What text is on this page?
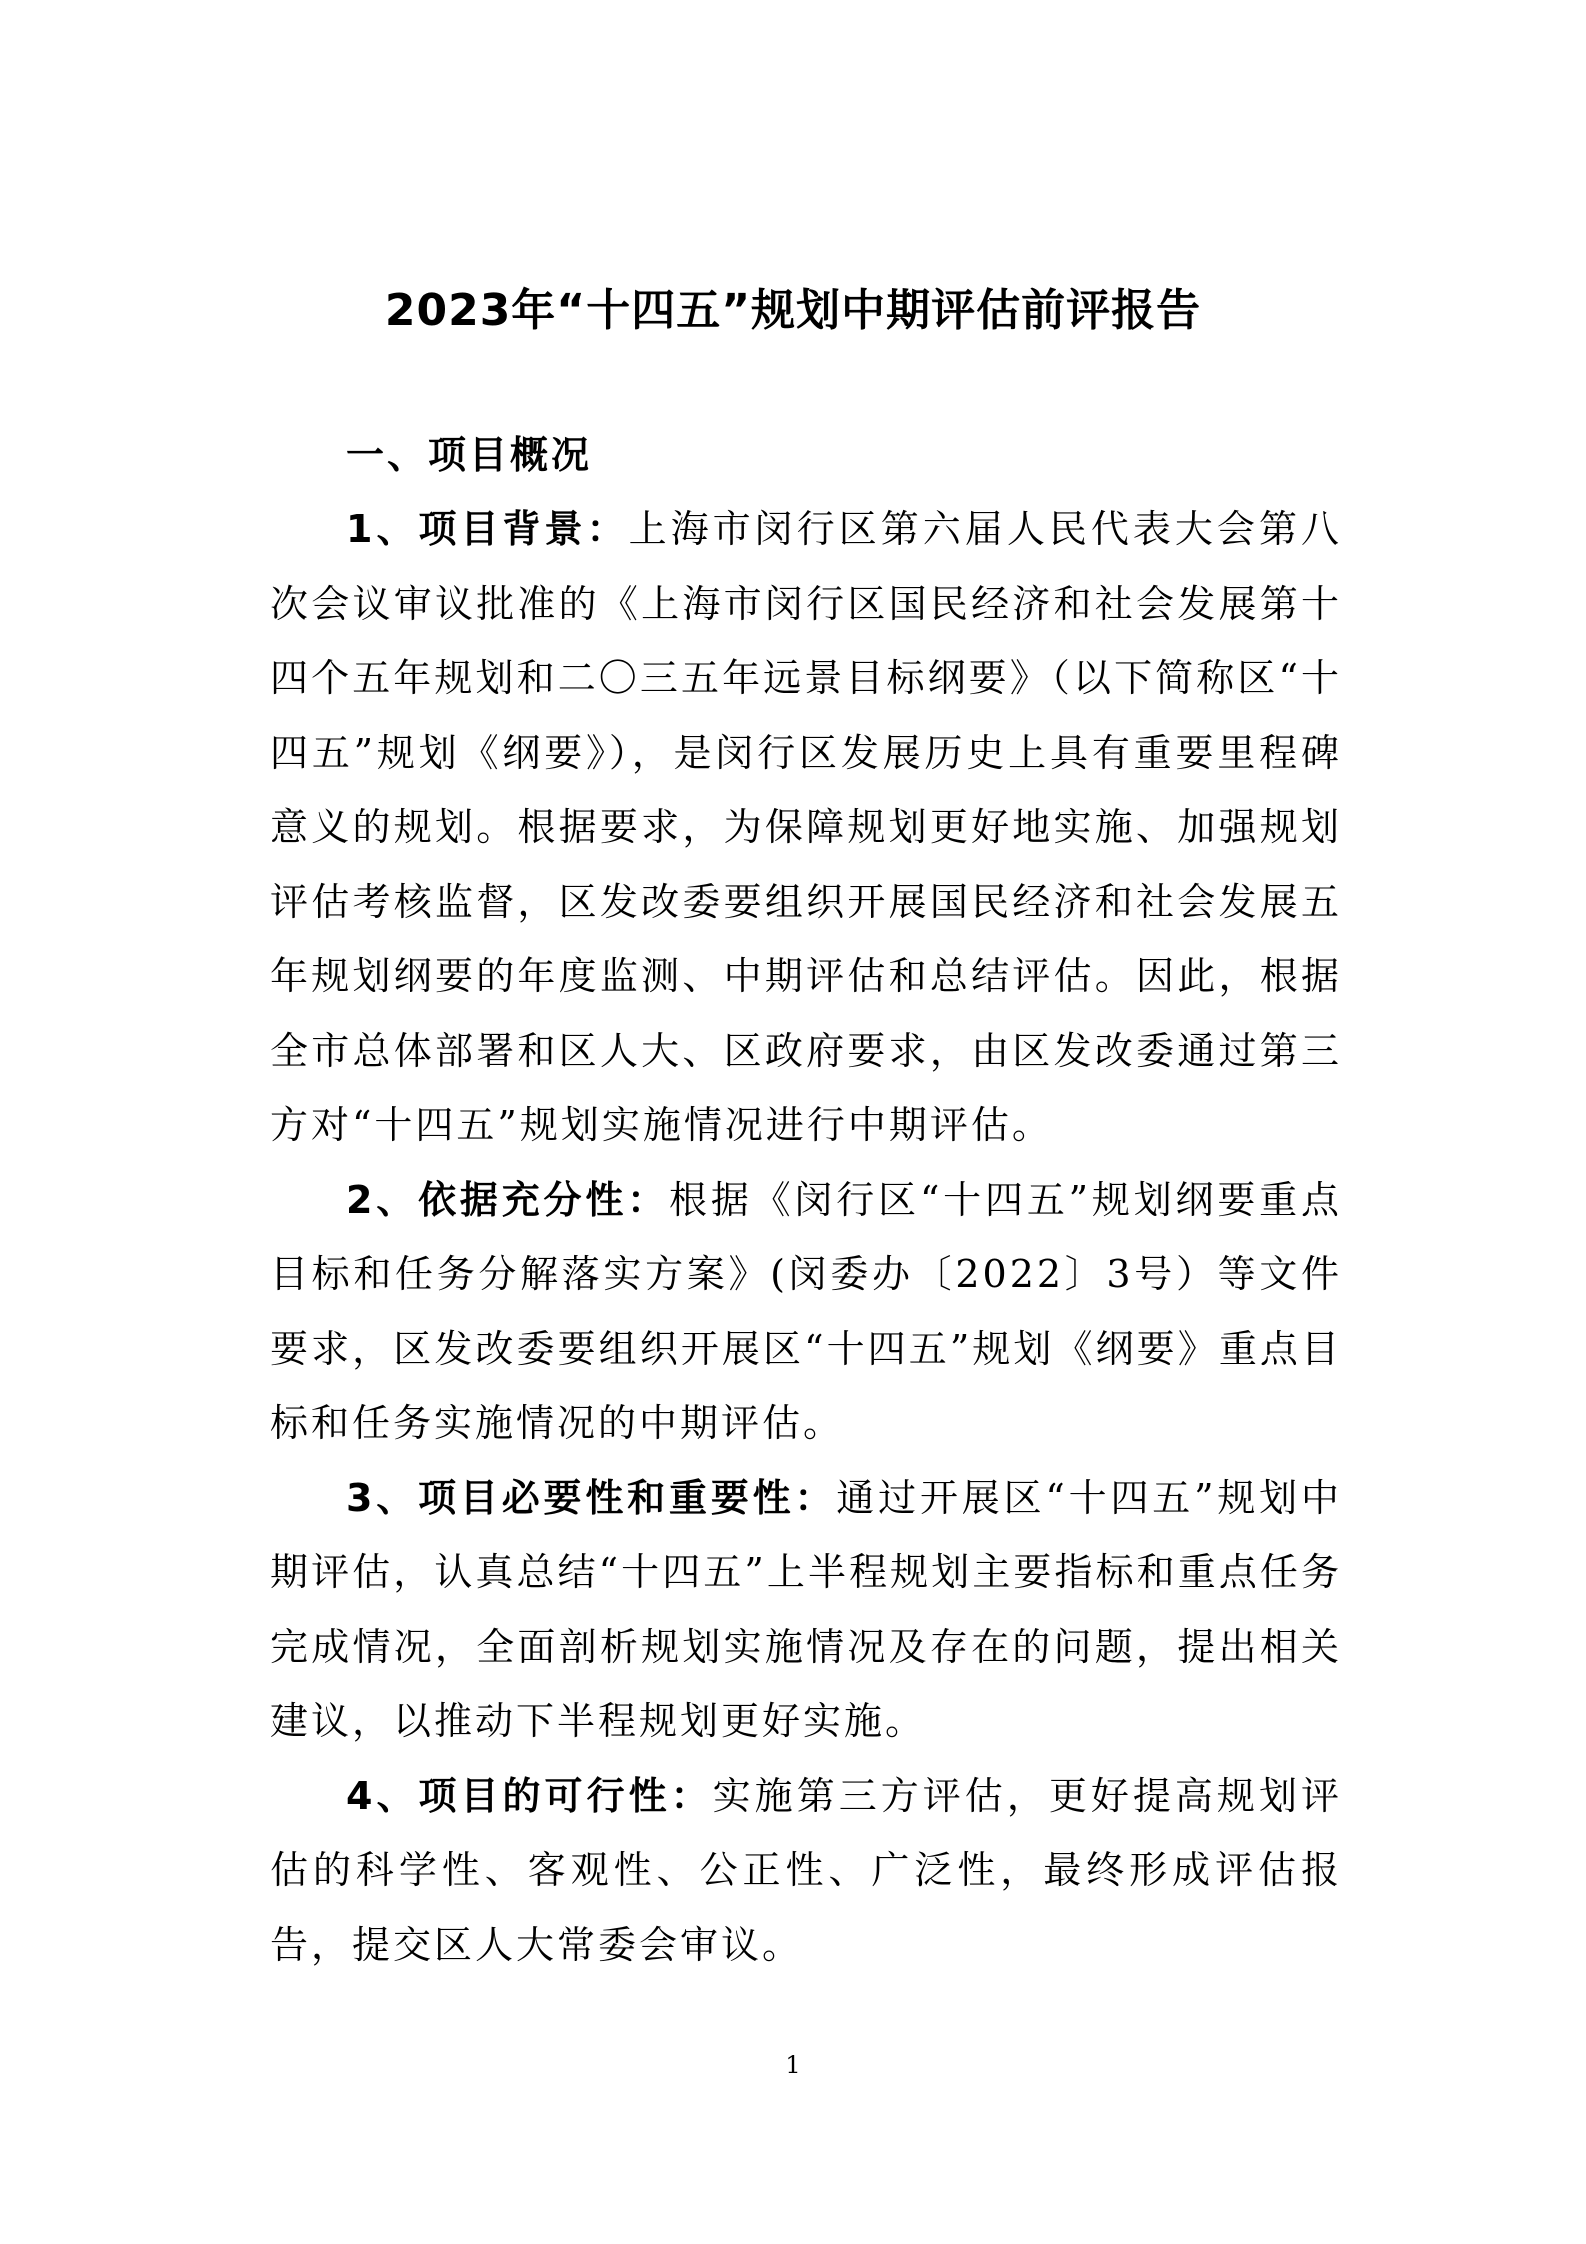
2023年“十四五”规划中期评估前评报告

一、项目概况

1、项目背景：上海市闵行区第六届人民代表大会第八次会议审议批准的《上海市闵行区国民经济和社会发展第十四个五年规划和二〇三五年远景目标纲要》（以下简称区“十四五”规划《纲要》），是闵行区发展历史上具有重要里程碑意义的规划。根据要求，为保障规划更好地实施、加强规划评估考核监督，区发改委要组织开展国民经济和社会发展五年规划纲要的年度监测、中期评估和总结评估。因此，根据全市总体部署和区人大、区政府要求，由区发改委通过第三方对“十四五”规划实施情况进行中期评估。

2、依据充分性：根据《闵行区“十四五”规划纲要重点目标和任务分解落实方案》(闵委办〔2022〕3号）等文件要求，区发改委要组织开展区“十四五”规划《纲要》重点目标和任务实施情况的中期评估。

3、项目必要性和重要性：通过开展区“十四五”规划中期评估，认真总结“十四五”上半程规划主要指标和重点任务完成情况，全面剖析规划实施情况及存在的问题，提出相关建议，以推动下半程规划更好实施。

4、项目的可行性：实施第三方评估，更好提高规划评估的科学性、客观性、公正性、广泛性，最终形成评估报告，提交区人大常委会审议。

1
